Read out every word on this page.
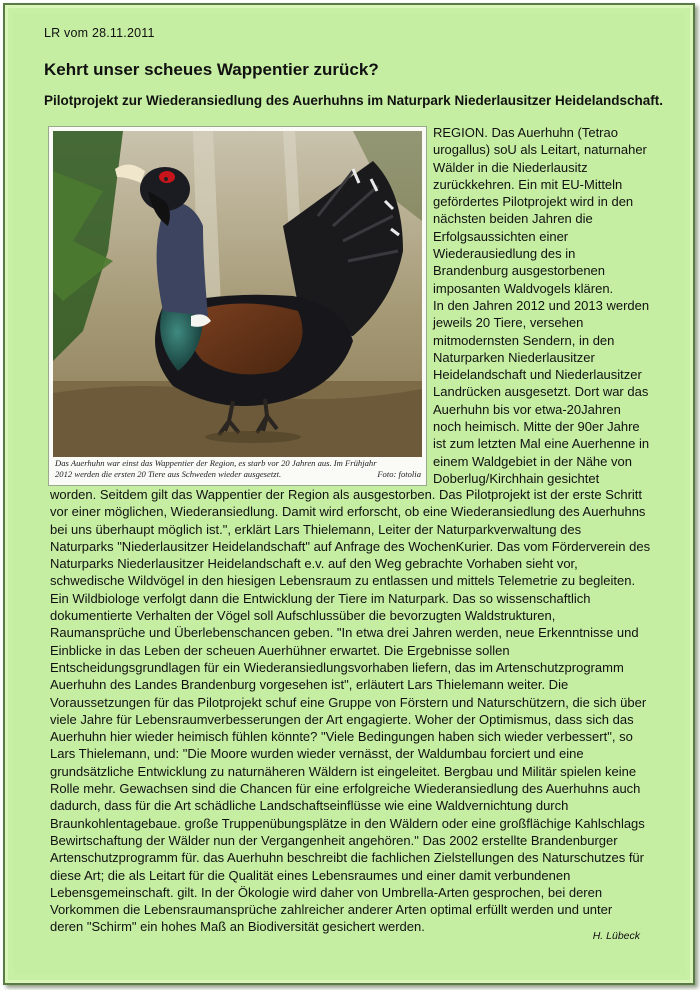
LR vom 28.11.2011
Kehrt unser scheues Wappentier zurück?
Pilotprojekt zur Wiederansiedlung des Auerhuhns im Naturpark Niederlausitzer Heidelandschaft.
Das Auerhuhn war einst das Wappentier der Region, es starb vor 20 Jahren aus. Im Frühjahr
2012 werden die ersten 20 Tiere aus Schweden wieder ausgesetzt.	Foto: fotolia
REGION. Das Auerhuhn (Tetrao
urogallus) soU als Leitart, naturnaher
Wälder in die Niederlausitz
zurückkehren. Ein mit EU-Mitteln
gefördertes Pilotprojekt wird in den
nächsten beiden Jahren die
Erfolgsaussichten einer
Wiederausiedlung des in
Brandenburg ausgestorbenen
imposanten Waldvogels klären.
In den Jahren 2012 und 2013 werden
jeweils 20 Tiere, versehen
mitmodernsten Sendern, in den
Naturparken Niederlausitzer
Heidelandschaft und Niederlausitzer
Landrücken ausgesetzt. Dort war das
Auerhuhn bis vor etwa-20Jahren
noch heimisch. Mitte der 90er Jahre
ist zum letzten Mal eine Auerhenne in
einem Waldgebiet in der Nähe von
Doberlug/Kirchhain gesichtet
worden. Seitdem gilt das Wappentier der Region als ausgestorben. Das Pilotprojekt ist der erste Schritt
vor einer möglichen, Wiederansiedlung. Damit wird erforscht, ob eine Wiederansiedlung des Auerhuhns
bei uns überhaupt möglich ist.", erklärt Lars Thielemann, Leiter der Naturparkverwaltung des
Naturparks "Niederlausitzer Heidelandschaft" auf Anfrage des WochenKurier. Das vom Förderverein des
Naturparks Niederlausitzer Heidelandschaft e.v. auf den Weg gebrachte Vorhaben sieht vor,
schwedische Wildvögel in den hiesigen Lebensraum zu entlassen und mittels Telemetrie zu begleiten.
Ein Wildbiologe verfolgt dann die Entwicklung der Tiere im Naturpark. Das so wissenschaftlich
dokumentierte Verhalten der Vögel soll Aufschlussüber die bevorzugten Waldstrukturen,
Raumansprüche und Überlebenschancen geben. "In etwa drei Jahren werden, neue Erkenntnisse und
Einblicke in das Leben der scheuen Auerhühner erwartet. Die Ergebnisse sollen
Entscheidungsgrundlagen für ein Wiederansiedlungsvorhaben liefern, das im Artenschutzprogramm
Auerhuhn des Landes Brandenburg vorgesehen ist", erläutert Lars Thielemann weiter. Die
Voraussetzungen für das Pilotprojekt schuf eine Gruppe von Förstern und Naturschützern, die sich über
viele Jahre für Lebensraumverbesserungen der Art engagierte. Woher der Optimismus, dass sich das
Auerhuhn hier wieder heimisch fühlen könnte? "Viele Bedingungen haben sich wieder verbessert", so
Lars Thielemann, und: "Die Moore wurden wieder vernässt, der Waldumbau forciert und eine
grundsätzliche Entwicklung zu naturnäheren Wäldern ist eingeleitet. Bergbau und Militär spielen keine
Rolle mehr. Gewachsen sind die Chancen für eine erfolgreiche Wiederansiedlung des Auerhuhns auch
dadurch, dass für die Art schädliche Landschaftseinflüsse wie eine Waldvernichtung durch
Braunkohlentagebaue. große Truppenübungsplätze in den Wäldern oder eine großflächige Kahlschlags
Bewirtschaftung der Wälder nun der Vergangenheit angehören." Das 2002 erstellte Brandenburger
Artenschutzprogramm für. das Auerhuhn beschreibt die fachlichen Zielstellungen des Naturschutzes für
diese Art; die als Leitart für die Qualität eines Lebensraumes und einer damit verbundenen
Lebensgemeinschaft. gilt. In der Ökologie wird daher von Umbrella-Arten gesprochen, bei deren
Vorkommen die Lebensraumansprüche zahlreicher anderer Arten optimal erfüllt werden und unter
deren "Schirm" ein hohes Maß an Biodiversität gesichert werden.
H. Lübeck
